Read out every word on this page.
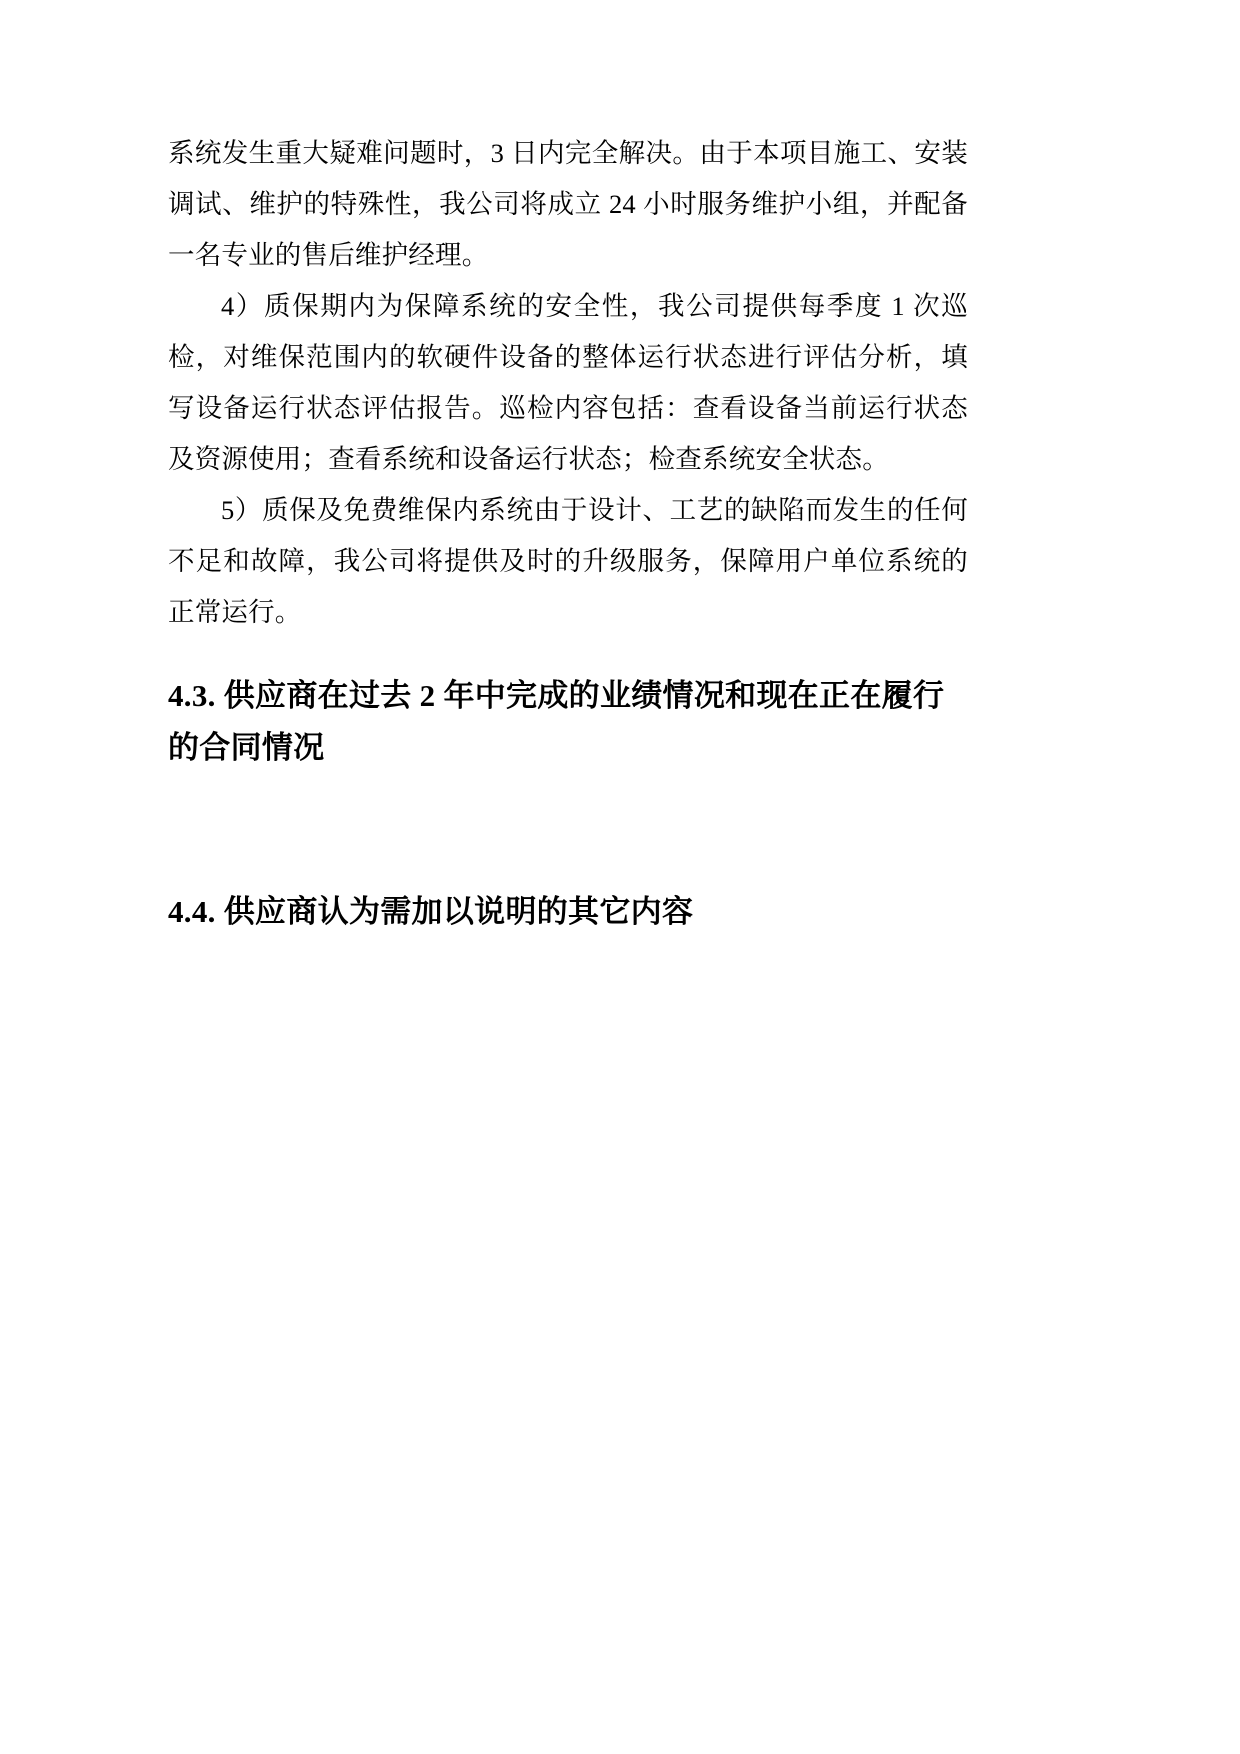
系统发生重大疑难问题时，3 日内完全解决。由于本项目施工、安装调试、维护的特殊性，我公司将成立 24 小时服务维护小组，并配备一名专业的售后维护经理。

4）质保期内为保障系统的安全性，我公司提供每季度 1 次巡检，对维保范围内的软硬件设备的整体运行状态进行评估分析，填写设备运行状态评估报告。巡检内容包括：查看设备当前运行状态及资源使用；查看系统和设备运行状态；检查系统安全状态。

5）质保及免费维保内系统由于设计、工艺的缺陷而发生的任何不足和故障，我公司将提供及时的升级服务，保障用户单位系统的正常运行。

4.3. 供应商在过去 2 年中完成的业绩情况和现在正在履行的合同情况
4.4. 供应商认为需加以说明的其它内容
